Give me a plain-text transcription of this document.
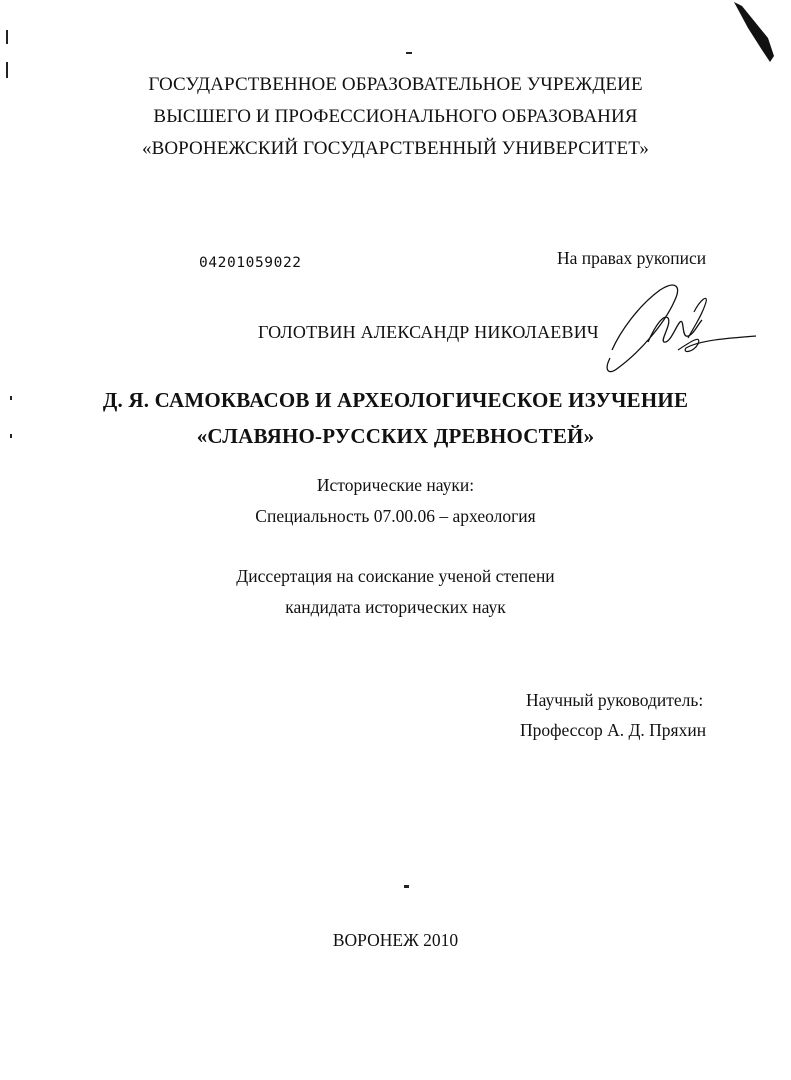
ГОСУДАРСТВЕННОЕ ОБРАЗОВАТЕЛЬНОЕ УЧРЕЖДЕИЕ
ВЫСШЕГО И ПРОФЕССИОНАЛЬНОГО ОБРАЗОВАНИЯ
«ВОРОНЕЖСКИЙ ГОСУДАРСТВЕННЫЙ УНИВЕРСИТЕТ»
04201059022	На правах рукописи
ГОЛОТВИН АЛЕКСАНДР НИКОЛАЕВИЧ
Д. Я. САМОКВАСОВ И АРХЕОЛОГИЧЕСКОЕ ИЗУЧЕНИЕ
«СЛАВЯНО-РУССКИХ ДРЕВНОСТЕЙ»
Исторические науки:
Специальность 07.00.06 – археология
Диссертация на соискание ученой степени
кандидата исторических наук
Научный руководитель:
Профессор А. Д. Пряхин
ВОРОНЕЖ 2010
